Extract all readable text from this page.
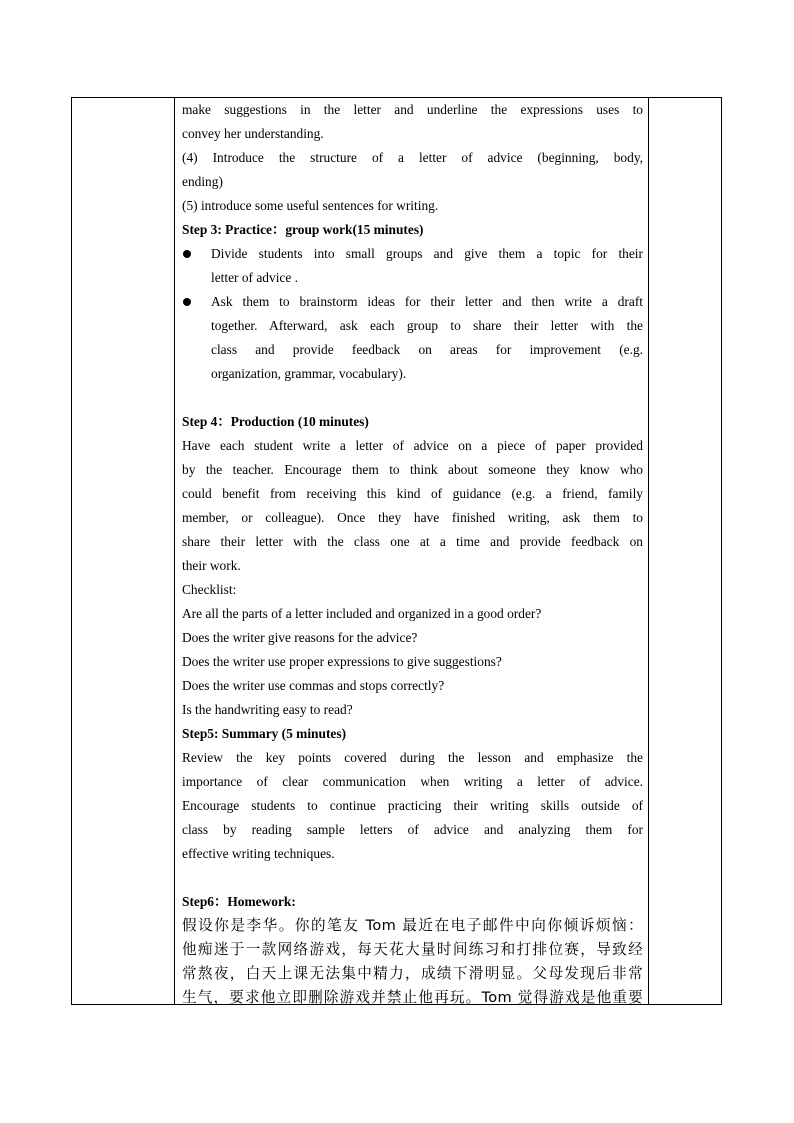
make suggestions in the letter and underline the expressions uses to
convey her understanding.
(4) Introduce the structure of a letter of advice (beginning, body,
ending)
(5) introduce some useful sentences for writing.
Step 3: Practice：group work(15 minutes)
Divide students into small groups and give them a topic for their
letter of advice .
Ask them to brainstorm ideas for their letter and then write a draft
together. Afterward, ask each group to share their letter with the
class and provide feedback on areas for improvement (e.g.
organization, grammar, vocabulary).
Step 4：Production (10 minutes)
Have each student write a letter of advice on a piece of paper provided
by the teacher. Encourage them to think about someone they know who
could benefit from receiving this kind of guidance (e.g. a friend, family
member, or colleague). Once they have finished writing, ask them to
share their letter with the class one at a time and provide feedback on
their work.
Checklist:
Are all the parts of a letter included and organized in a good order?
Does the writer give reasons for the advice?
Does the writer use proper expressions to give suggestions?
Does the writer use commas and stops correctly?
Is the handwriting easy to read?
Step5: Summary (5 minutes)
Review the key points covered during the lesson and emphasize the
importance of clear communication when writing a letter of advice.
Encourage students to continue practicing their writing skills outside of
class by reading sample letters of advice and analyzing them for
effective writing techniques.
Step6：Homework:
假设你是李华。你的笔友 Tom 最近在电子邮件中向你倾诉烦恼：
他痴迷于一款网络游戏，每天花大量时间练习和打排位赛，导致经
常熬夜，白天上课无法集中精力，成绩下滑明显。父母发现后非常
生气，要求他立即删除游戏并禁止他再玩。Tom 觉得游戏是他重要
